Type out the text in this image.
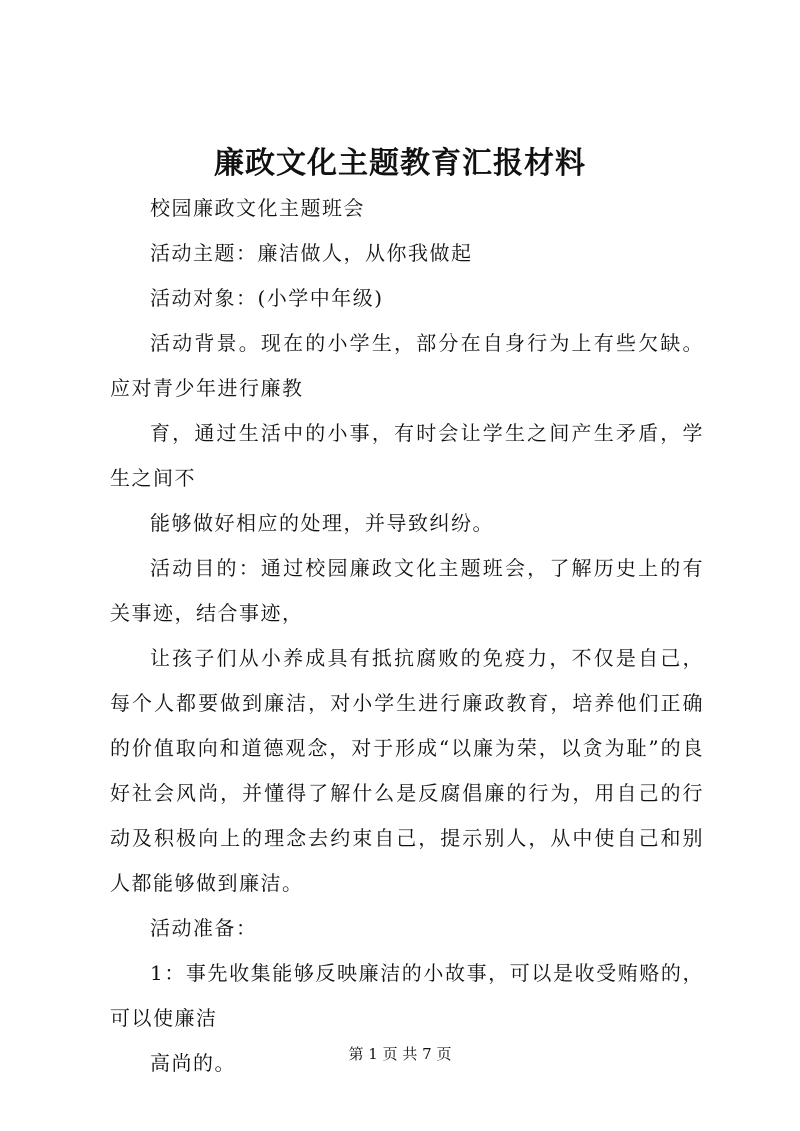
廉政文化主题教育汇报材料

校园廉政文化主题班会

活动主题：廉洁做人，从你我做起

活动对象：(小学中年级)

活动背景。现在的小学生，部分在自身行为上有些欠缺。应对青少年进行廉教

育，通过生活中的小事，有时会让学生之间产生矛盾，学生之间不

能够做好相应的处理，并导致纠纷。

活动目的：通过校园廉政文化主题班会，了解历史上的有关事迹，结合事迹，

让孩子们从小养成具有抵抗腐败的免疫力，不仅是自己，每个人都要做到廉洁，对小学生进行廉政教育，培养他们正确的价值取向和道德观念，对于形成“以廉为荣，以贪为耻”的良好社会风尚，并懂得了解什么是反腐倡廉的行为，用自己的行动及积极向上的理念去约束自己，提示别人，从中使自己和别人都能够做到廉洁。

活动准备：

1：事先收集能够反映廉洁的小故事，可以是收受贿赂的，可以使廉洁

高尚的。	第 1 页 共 7 页
